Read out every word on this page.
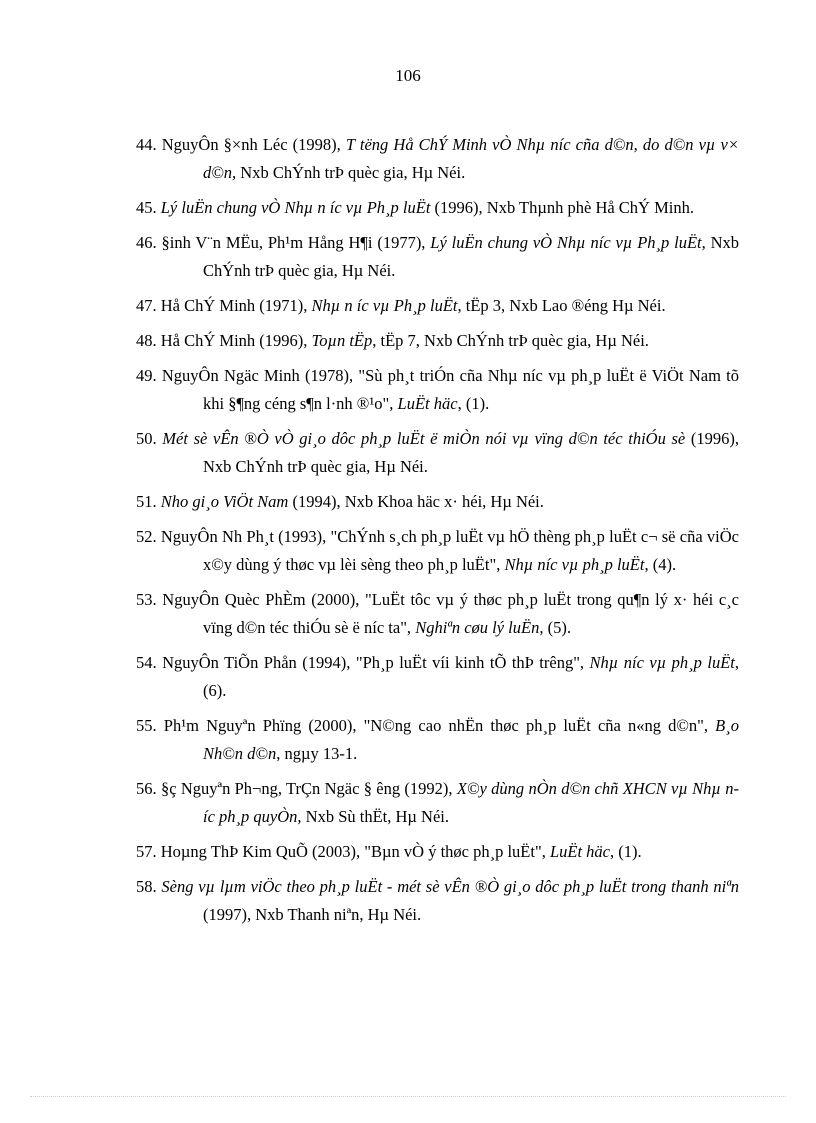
106
44. NguyÔn §×nh Léc (1998), T tëng Hå ChÝ Minh vÒ Nhµ níc cña d©n, do d©n vµ v× d©n, Nxb ChÝnh trÞ quèc gia, Hµ Néi.
45. Lý luËn chung vÒ Nhµ n íc vµ Ph¸p luËt (1996), Nxb Thµnh phè Hå ChÝ Minh.
46. §inh V¨n MËu, Ph¹m Hång H¶i (1977), Lý luËn chung vÒ Nhµ níc vµ Ph¸p luËt, Nxb ChÝnh trÞ quèc gia, Hµ Néi.
47. Hå ChÝ Minh (1971), Nhµ n íc vµ Ph¸p luËt, tËp 3, Nxb Lao ®éng Hµ Néi.
48. Hå ChÝ Minh (1996), Toµn tËp, tËp 7, Nxb ChÝnh trÞ quèc gia, Hµ Néi.
49. NguyÔn Ngäc Minh (1978), "Sù ph¸t triÓn cña Nhµ níc vµ ph¸p luËt ë ViÖt Nam tõ khi §¶ng céng s¶n l·nh ®¹o", LuËt häc, (1).
50. Mét sè vÊn ®Ò vÒ gi¸o dôc ph¸p luËt ë miÒn nói vµ vïng d©n téc thiÓu sè (1996), Nxb ChÝnh trÞ quèc gia, Hµ Néi.
51. Nho gi¸o ViÖt Nam (1994), Nxb Khoa häc x· héi, Hµ Néi.
52. NguyÔn Nh Ph¸t (1993), "ChÝnh s¸ch ph¸p luËt vµ hÖ thèng ph¸p luËt c¬ së cña viÖc x©y dùng ý thøc vµ lèi sèng theo ph¸p luËt", Nhµ níc vµ ph¸p luËt, (4).
53. NguyÔn Quèc PhÈm (2000), "LuËt tôc vµ ý thøc ph¸p luËt trong qu¶n lý x· héi c¸c vïng d©n téc thiÓu sè ë níc ta", Nghiªn cøu lý luËn, (5).
54. NguyÔn TiÕn Phån (1994), "Ph¸p luËt víi kinh tÕ thÞ trêng", Nhµ níc vµ ph¸p luËt, (6).
55. Ph¹m Nguyªn Phïng (2000), "N©ng cao nhËn thøc ph¸p luËt cña n«ng d©n", B¸o Nh©n d©n, ngµy 13-1.
56. §ç Nguyªn Ph¬ng, TrÇn Ngäc § êng (1992), X©y dùng nÒn d©n chñ XHCN vµ Nhµ níc ph¸p quyÒn, Nxb Sù thËt, Hµ Néi.
57. Hoµng ThÞ Kim QuÕ (2003), "Bµn vÒ ý thøc ph¸p luËt", LuËt häc, (1).
58. Sèng vµ lµm viÖc theo ph¸p luËt - mét sè vÊn ®Ò gi¸o dôc ph¸p luËt trong thanh niªn (1997), Nxb Thanh niªn, Hµ Néi.
